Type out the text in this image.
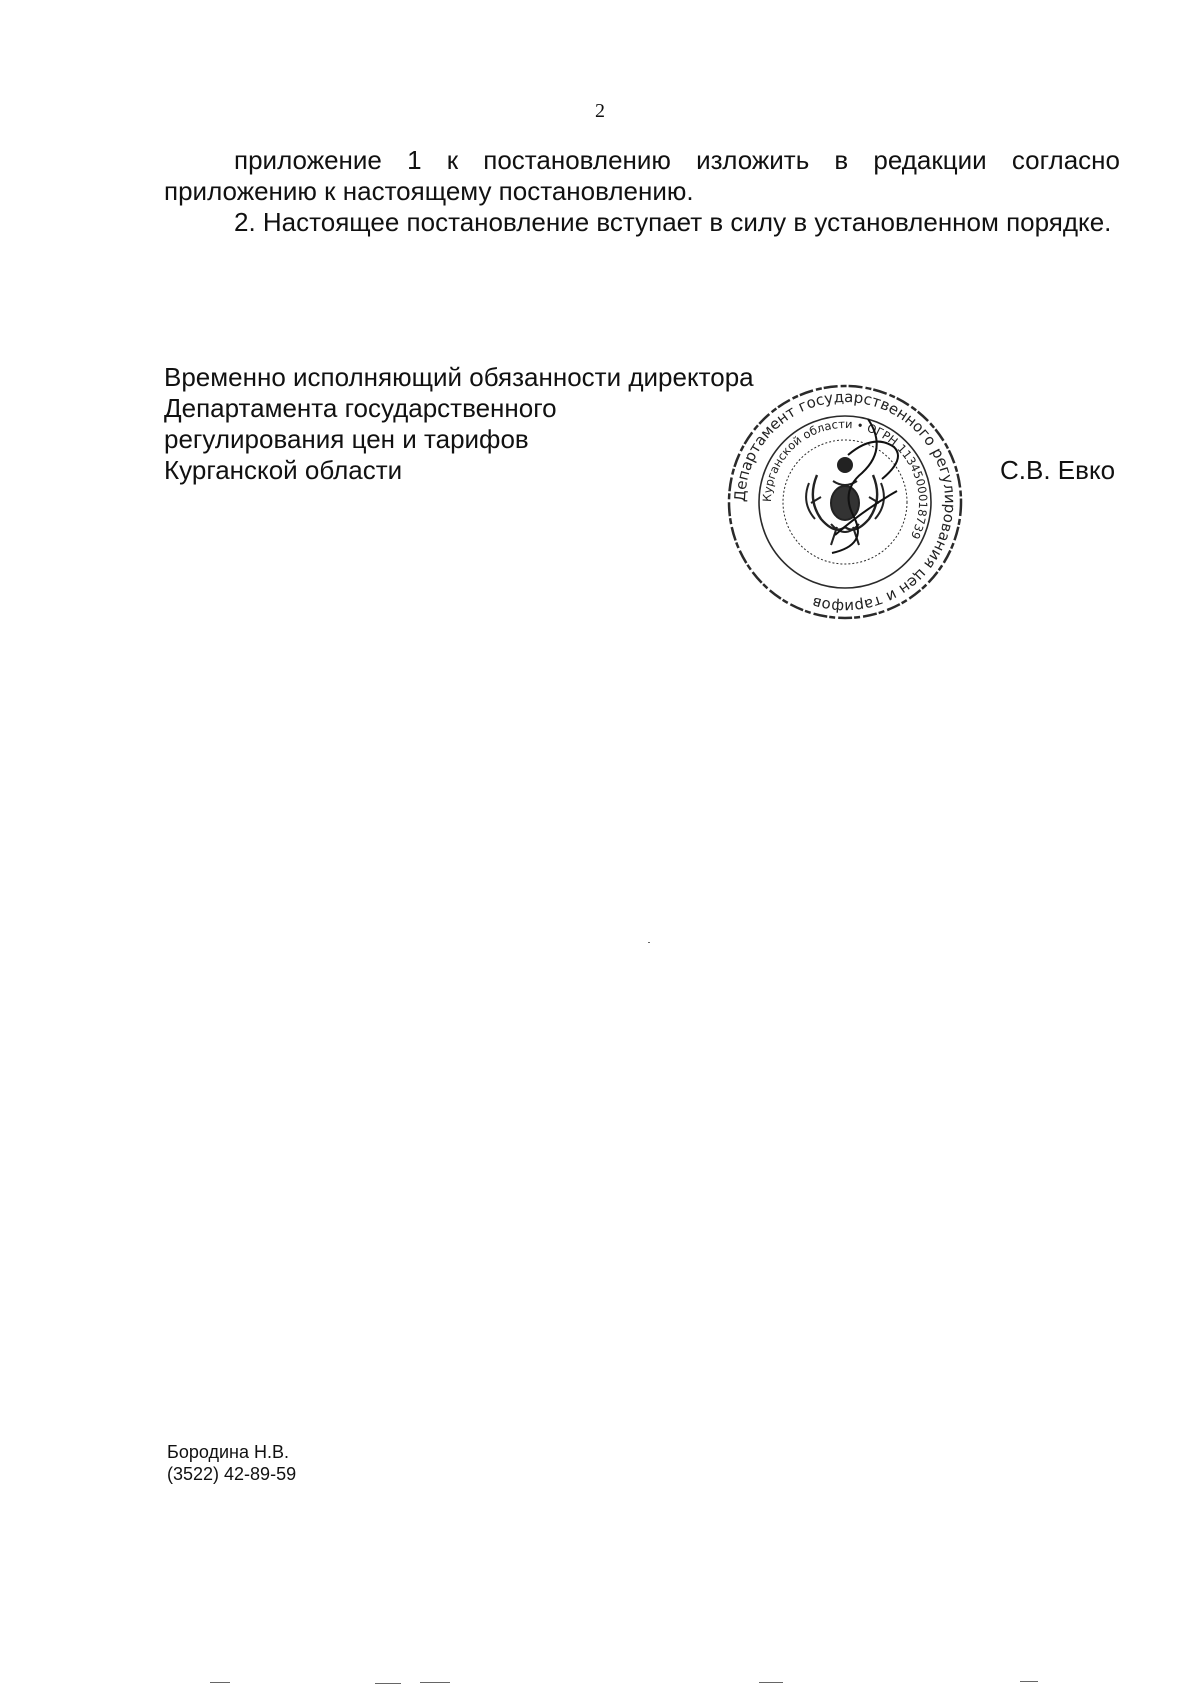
2

приложение 1 к постановлению изложить в редакции согласно приложению к настоящему постановлению.

2. Настоящее постановление вступает в силу в установленном порядке.

Временно исполняющий обязанности директора
Департамента государственного
регулирования цен и тарифов
Курганской области	С.В. Евко
Департамент государственного регулирования цен и тарифов
Курганской области • ОГРН 1134500018739
Бородина Н.В.
(3522) 42-89-59
